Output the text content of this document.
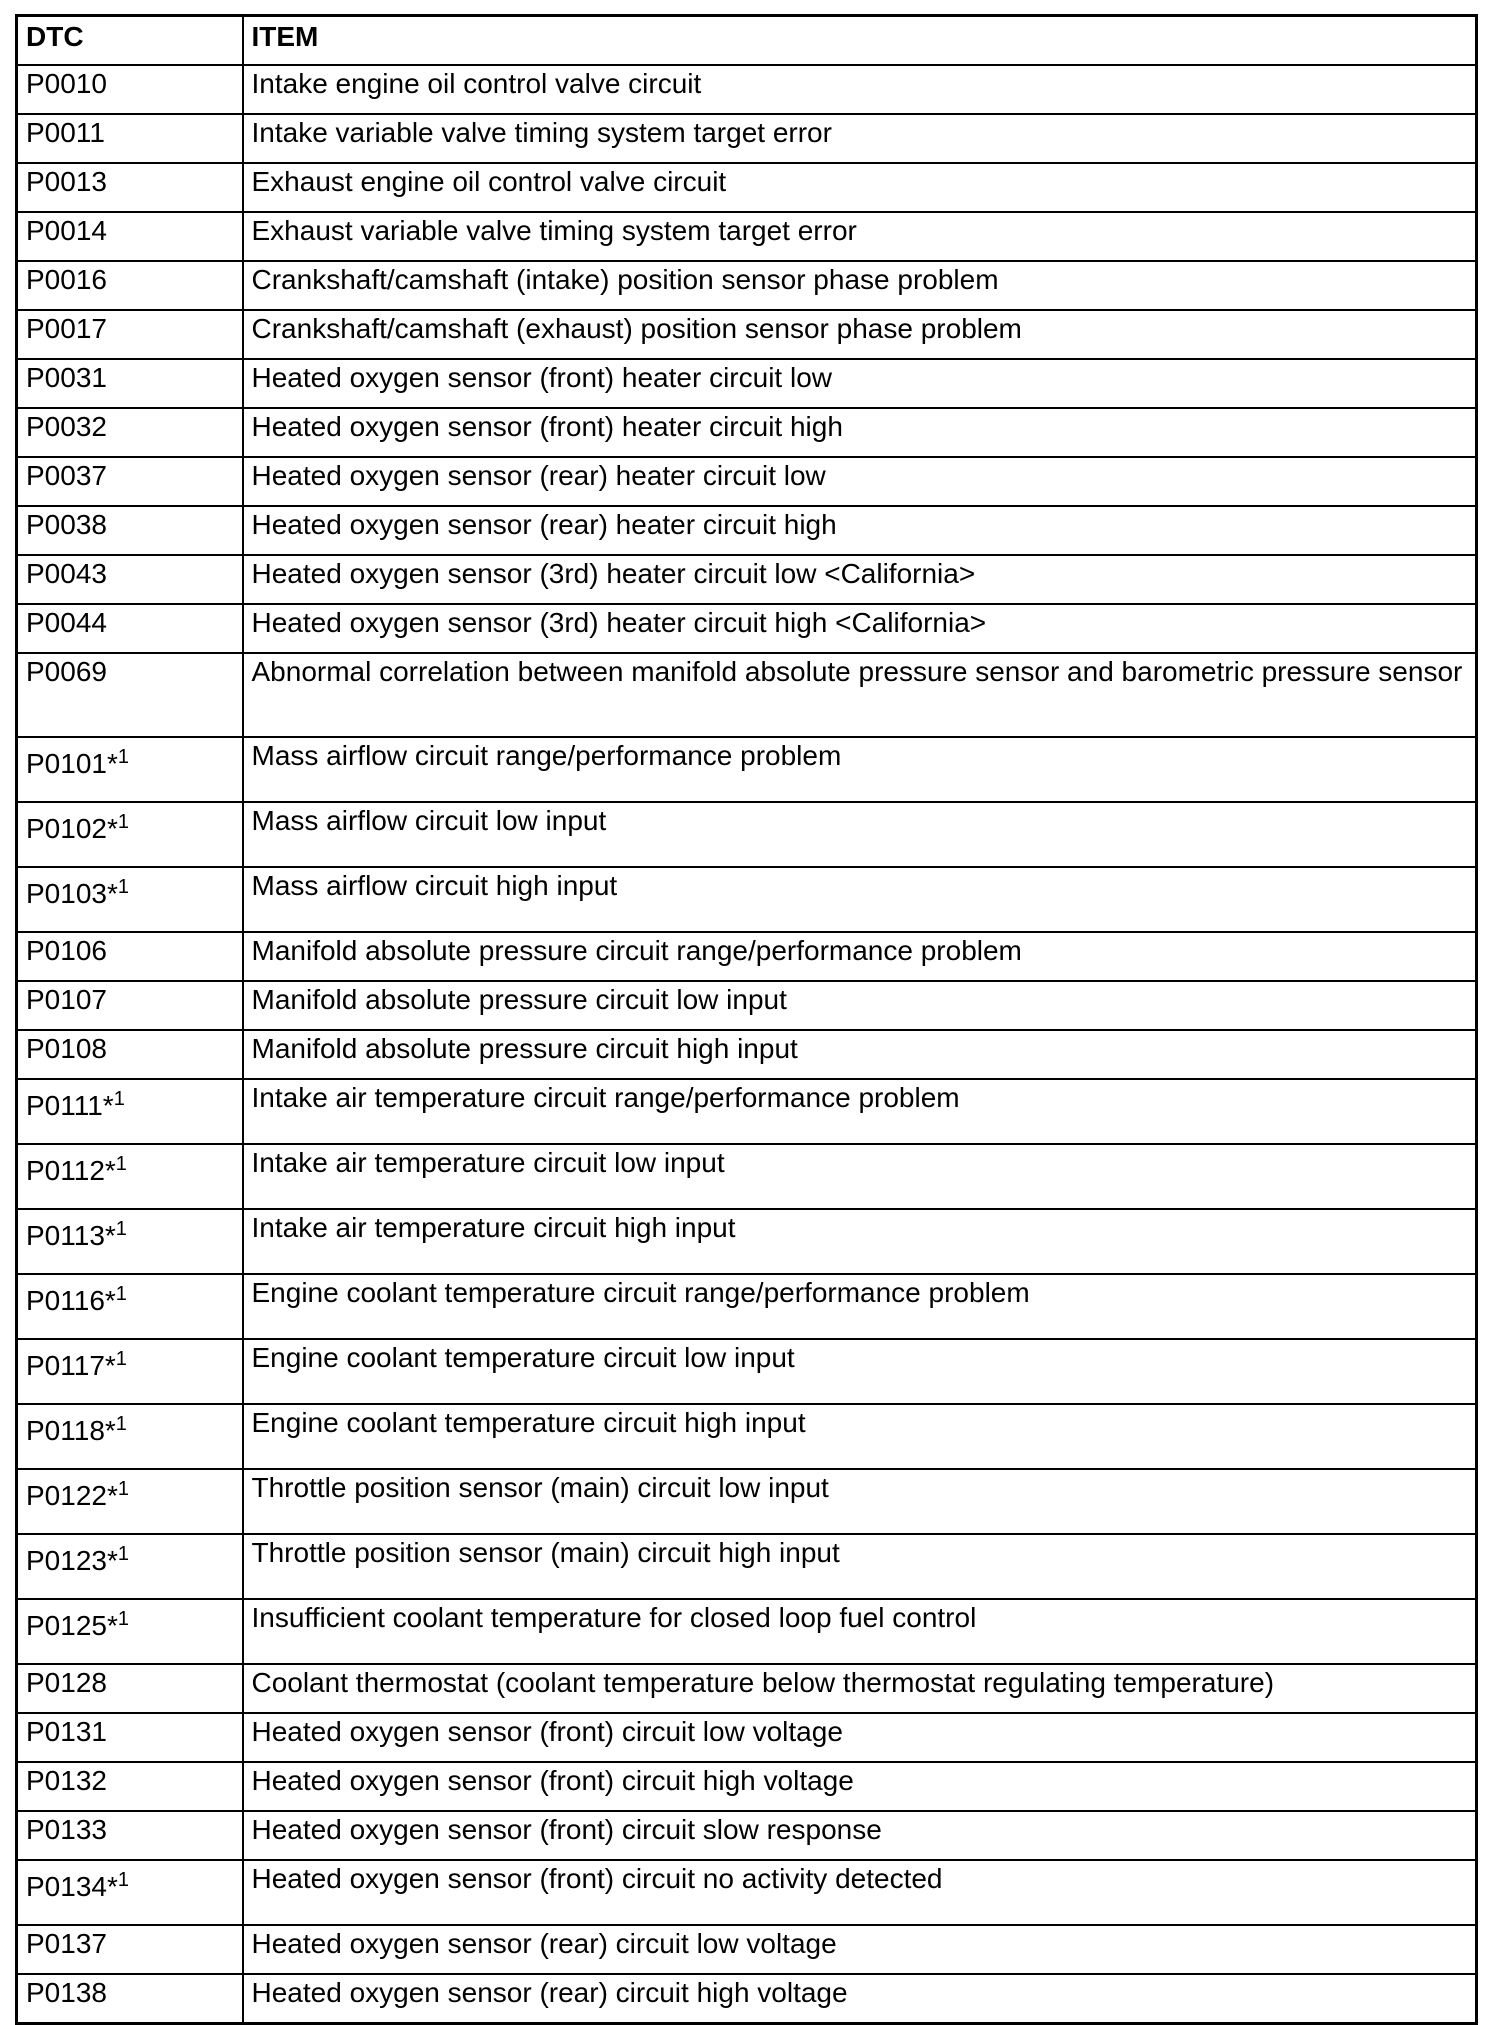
DTC	ITEM
P0010	Intake engine oil control valve circuit
P0011	Intake variable valve timing system target error
P0013	Exhaust engine oil control valve circuit
P0014	Exhaust variable valve timing system target error
P0016	Crankshaft/camshaft (intake) position sensor phase problem
P0017	Crankshaft/camshaft (exhaust) position sensor phase problem
P0031	Heated oxygen sensor (front) heater circuit low
P0032	Heated oxygen sensor (front) heater circuit high
P0037	Heated oxygen sensor (rear) heater circuit low
P0038	Heated oxygen sensor (rear) heater circuit high
P0043	Heated oxygen sensor (3rd) heater circuit low <California>
P0044	Heated oxygen sensor (3rd) heater circuit high <California>
P0069	Abnormal correlation between manifold absolute pressure sensor and barometric pressure sensor
P0101*$^1$	Mass airflow circuit range/performance problem
P0102*$^1$	Mass airflow circuit low input
P0103*$^1$	Mass airflow circuit high input
P0106	Manifold absolute pressure circuit range/performance problem
P0107	Manifold absolute pressure circuit low input
P0108	Manifold absolute pressure circuit high input
P0111*$^1$	Intake air temperature circuit range/performance problem
P0112*$^1$	Intake air temperature circuit low input
P0113*$^1$	Intake air temperature circuit high input
P0116*$^1$	Engine coolant temperature circuit range/performance problem
P0117*$^1$	Engine coolant temperature circuit low input
P0118*$^1$	Engine coolant temperature circuit high input
P0122*$^1$	Throttle position sensor (main) circuit low input
P0123*$^1$	Throttle position sensor (main) circuit high input
P0125*$^1$	Insufficient coolant temperature for closed loop fuel control
P0128	Coolant thermostat (coolant temperature below thermostat regulating temperature)
P0131	Heated oxygen sensor (front) circuit low voltage
P0132	Heated oxygen sensor (front) circuit high voltage
P0133	Heated oxygen sensor (front) circuit slow response
P0134*$^1$	Heated oxygen sensor (front) circuit no activity detected
P0137	Heated oxygen sensor (rear) circuit low voltage
P0138	Heated oxygen sensor (rear) circuit high voltage
